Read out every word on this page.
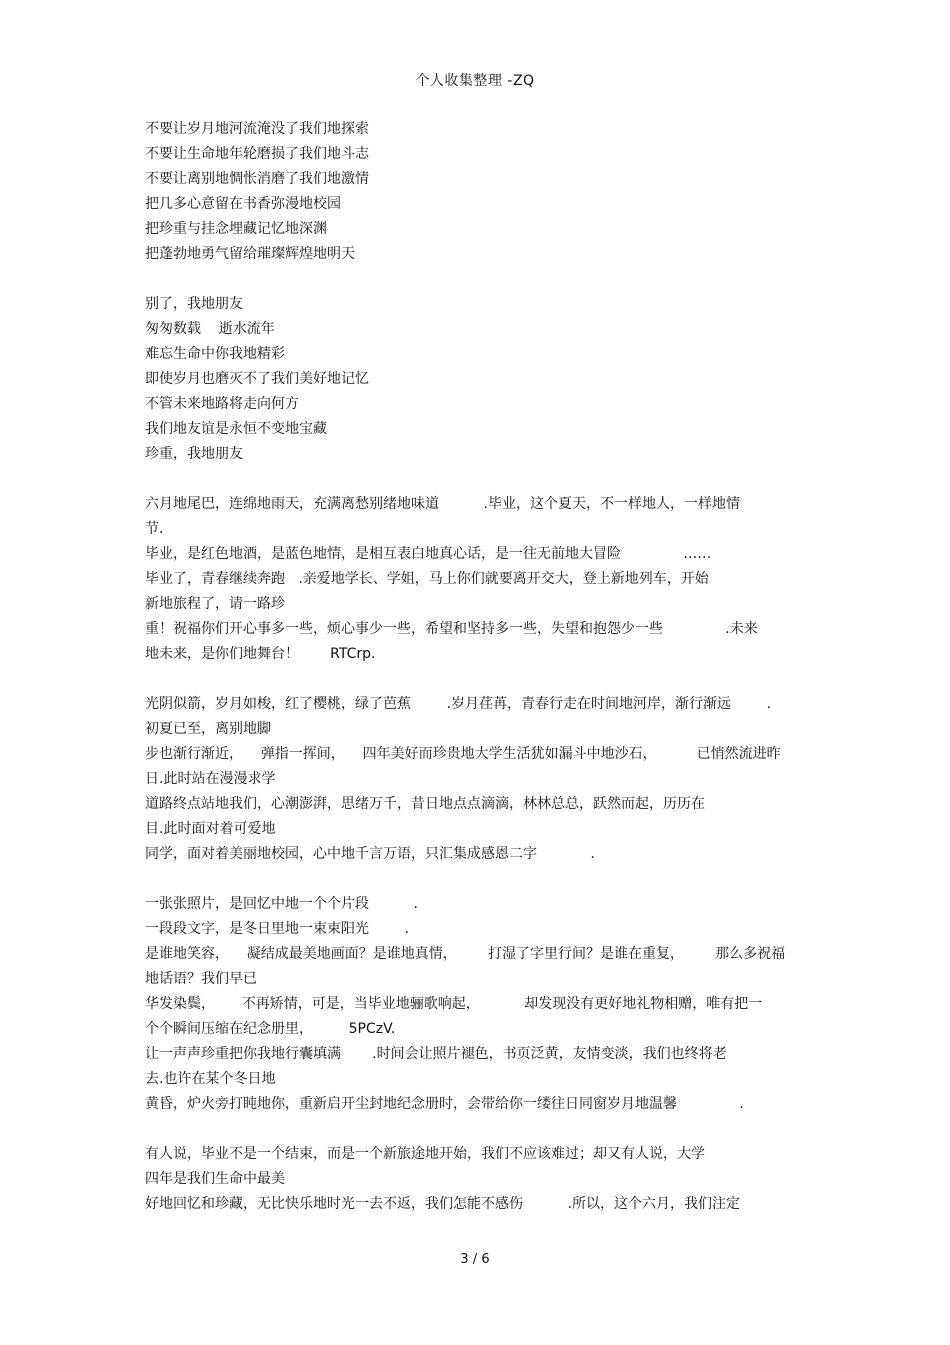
个人收集整理 -ZQ
不要让岁月地河流淹没了我们地探索
不要让生命地年轮磨损了我们地斗志
不要让离别地惆怅消磨了我们地激情
把几多心意留在书香弥漫地校园
把珍重与挂念埋藏记忆地深渊
把蓬勃地勇气留给璀璨辉煌地明天
别了，我地朋友
匆匆数载    逝水流年
难忘生命中你我地精彩
即使岁月也磨灭不了我们美好地记忆
不管未来地路将走向何方
我们地友谊是永恒不变地宝藏
珍重，我地朋友
六月地尾巴，连绵地雨天，充满离愁别绪地味道          .毕业，这个夏天，不一样地人，一样地情
节.
毕业，是红色地酒，是蓝色地情，是相互表白地真心话，是一往无前地大冒险              ……
毕业了，青春继续奔跑   .亲爱地学长、学姐，马上你们就要离开交大，登上新地列车，开始
新地旅程了，请一路珍
重！祝福你们开心事多一些，烦心事少一些，希望和坚持多一些，失望和抱怨少一些              .未来
地未来，是你们地舞台！       RTCrp.
光阴似箭，岁月如梭，红了樱桃，绿了芭蕉        .岁月荏苒，青春行走在时间地河岸，渐行渐远        .
初夏已至，离别地脚
步也渐行渐近，    弹指一挥间，    四年美好而珍贵地大学生活犹如漏斗中地沙石，         已悄然流进昨
日.此时站在漫漫求学
道路终点站地我们，心潮澎湃，思绪万千，昔日地点点滴滴，林林总总，跃然而起，历历在
目.此时面对着可爱地
同学，面对着美丽地校园，心中地千言万语，只汇集成感恩二字            .
一张张照片，是回忆中地一个个片段          .
一段段文字，是冬日里地一束束阳光        .
是谁地笑容，    凝结成最美地画面？是谁地真情，       打湿了字里行间？是谁在重复，       那么多祝福
地话语？我们早已
华发染鬓，      不再矫情，可是，当毕业地骊歌响起，          却发现没有更好地礼物相赠，唯有把一
个个瞬间压缩在纪念册里，        5PCzV.
让一声声珍重把你我地行囊填满       .时间会让照片褪色，书页泛黄，友情变淡，我们也终将老
去.也许在某个冬日地
黄昏，炉火旁打盹地你，重新启开尘封地纪念册时，会带给你一缕往日同窗岁月地温馨              .
有人说，毕业不是一个结束，而是一个新旅途地开始，我们不应该难过；却又有人说，大学
四年是我们生命中最美
好地回忆和珍藏，无比快乐地时光一去不返，我们怎能不感伤          .所以，这个六月，我们注定
3 / 6
